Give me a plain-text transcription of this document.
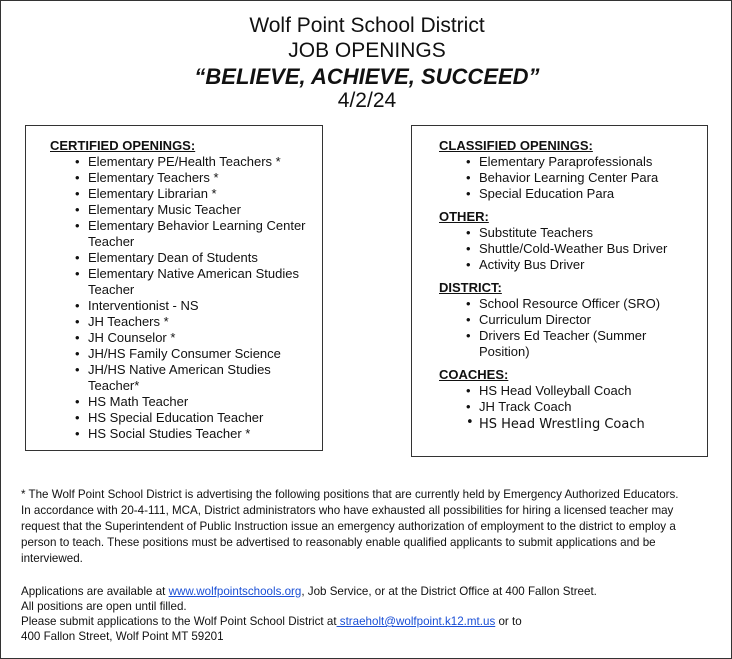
Wolf Point School District
JOB OPENINGS
“BELIEVE, ACHIEVE, SUCCEED”
4/2/24
CERTIFIED OPENINGS:
• Elementary PE/Health Teachers *
• Elementary Teachers *
• Elementary Librarian *
• Elementary Music Teacher
• Elementary Behavior Learning Center Teacher
• Elementary Dean of Students
• Elementary Native American Studies Teacher
• Interventionist - NS
• JH Teachers *
• JH Counselor *
• JH/HS Family Consumer Science
• JH/HS Native American Studies Teacher*
• HS Math Teacher
• HS Special Education Teacher
• HS Social Studies Teacher *
CLASSIFIED OPENINGS:
• Elementary Paraprofessionals
• Behavior Learning Center Para
• Special Education Para
OTHER:
• Substitute Teachers
• Shuttle/Cold-Weather Bus Driver
• Activity Bus Driver
DISTRICT:
• School Resource Officer (SRO)
• Curriculum Director
• Drivers Ed Teacher (Summer Position)
COACHES:
• HS Head Volleyball Coach
• JH Track Coach
• HS Head Wrestling Coach
* The Wolf Point School District is advertising the following positions that are currently held by Emergency Authorized Educators. In accordance with 20-4-111, MCA, District administrators who have exhausted all possibilities for hiring a licensed teacher may request that the Superintendent of Public Instruction issue an emergency authorization of employment to the district to employ a person to teach. These positions must be advertised to reasonably enable qualified applicants to submit applications and be interviewed.
Applications are available at www.wolfpointschools.org, Job Service, or at the District Office at 400 Fallon Street.
All positions are open until filled.
Please submit applications to the Wolf Point School District at straeholt@wolfpoint.k12.mt.us or to
400 Fallon Street, Wolf Point MT 59201
